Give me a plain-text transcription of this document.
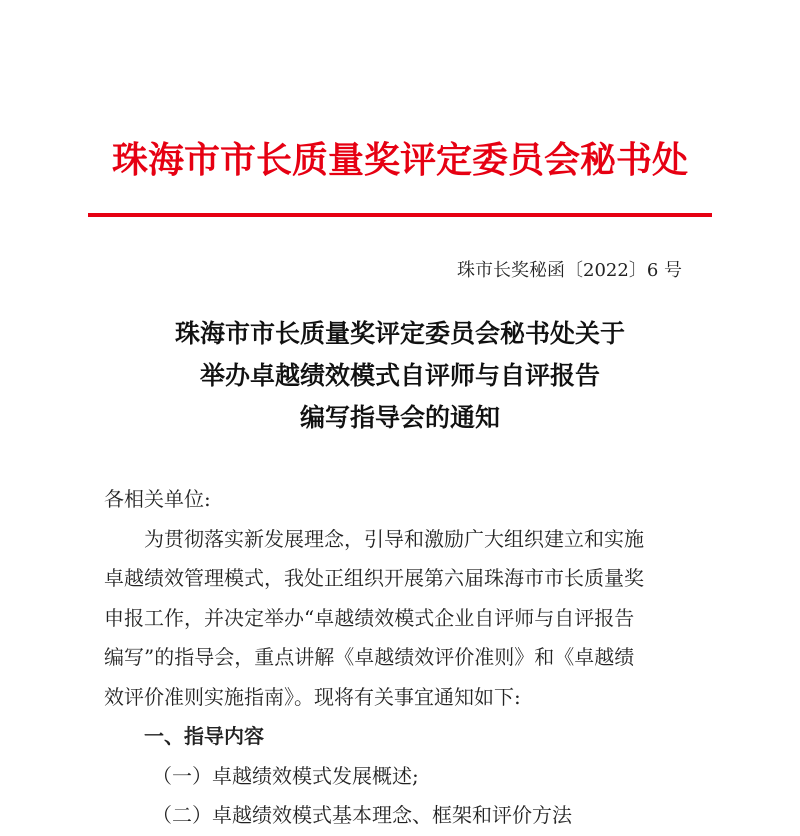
珠海市市长质量奖评定委员会秘书处
珠市长奖秘函〔2022〕6 号
珠海市市长质量奖评定委员会秘书处关于
举办卓越绩效模式自评师与自评报告
编写指导会的通知
各相关单位:
为贯彻落实新发展理念，引导和激励广大组织建立和实施
卓越绩效管理模式，我处正组织开展第六届珠海市市长质量奖
申报工作，并决定举办“卓越绩效模式企业自评师与自评报告
编写”的指导会，重点讲解《卓越绩效评价准则》和《卓越绩
效评价准则实施指南》。现将有关事宜通知如下:
一、指导内容
（一）卓越绩效模式发展概述;
（二）卓越绩效模式基本理念、框架和评价方法
